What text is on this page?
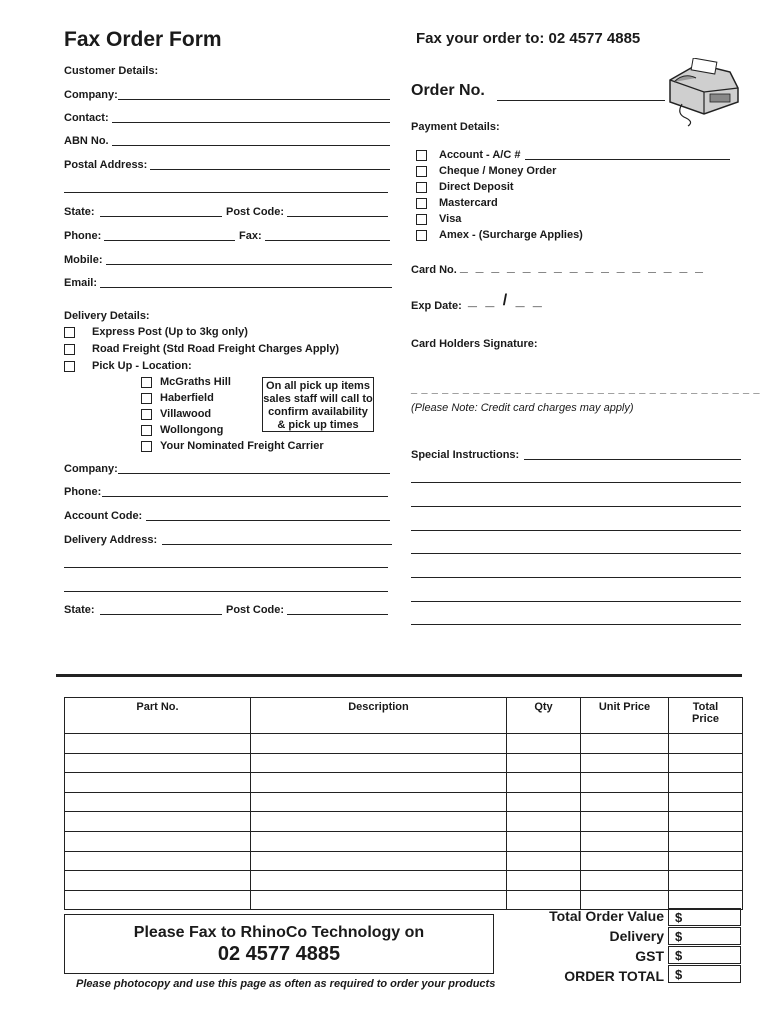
Fax Order Form	Fax your order to: 02 4577 4885
Customer Details:
Company:
Contact:
ABN No.
Postal Address:
State:	Post Code:
Phone:	Fax:
Mobile:
Email:
Delivery Details:
Express Post (Up to 3kg only)
Road Freight (Std Road Freight Charges Apply)
Pick Up - Location:
McGraths Hill
Haberfield
Villawood
Wollongong
Your Nominated Freight Carrier
On all pick up items
sales staff will call to
confirm availability
& pick up times
Company:
Phone:
Account Code:
Delivery Address:
State:	Post Code:
Order No.
Payment Details:
Account - A/C #
Cheque / Money Order
Direct Deposit
Mastercard
Visa
Amex - (Surcharge Applies)
Card No. _ _ _ _ _ _ _ _ _ _ _ _ _ _ _ _
Exp Date: _ _ / _ _
Card Holders Signature:
_ _ _ _ _ _ _ _ _ _ _ _ _ _ _ _ _ _ _ _ _ _ _ _ _ _ _ _ _ _ _ _ _ _
(Please Note: Credit card charges may apply)
Special Instructions:
Part No.	Description	Qty	Unit Price	Total Price

Please Fax to RhinoCo Technology on
02 4577 4885
Please photocopy and use this page as often as required to order your products
Total Order Value $
Delivery $
GST $
ORDER TOTAL $
